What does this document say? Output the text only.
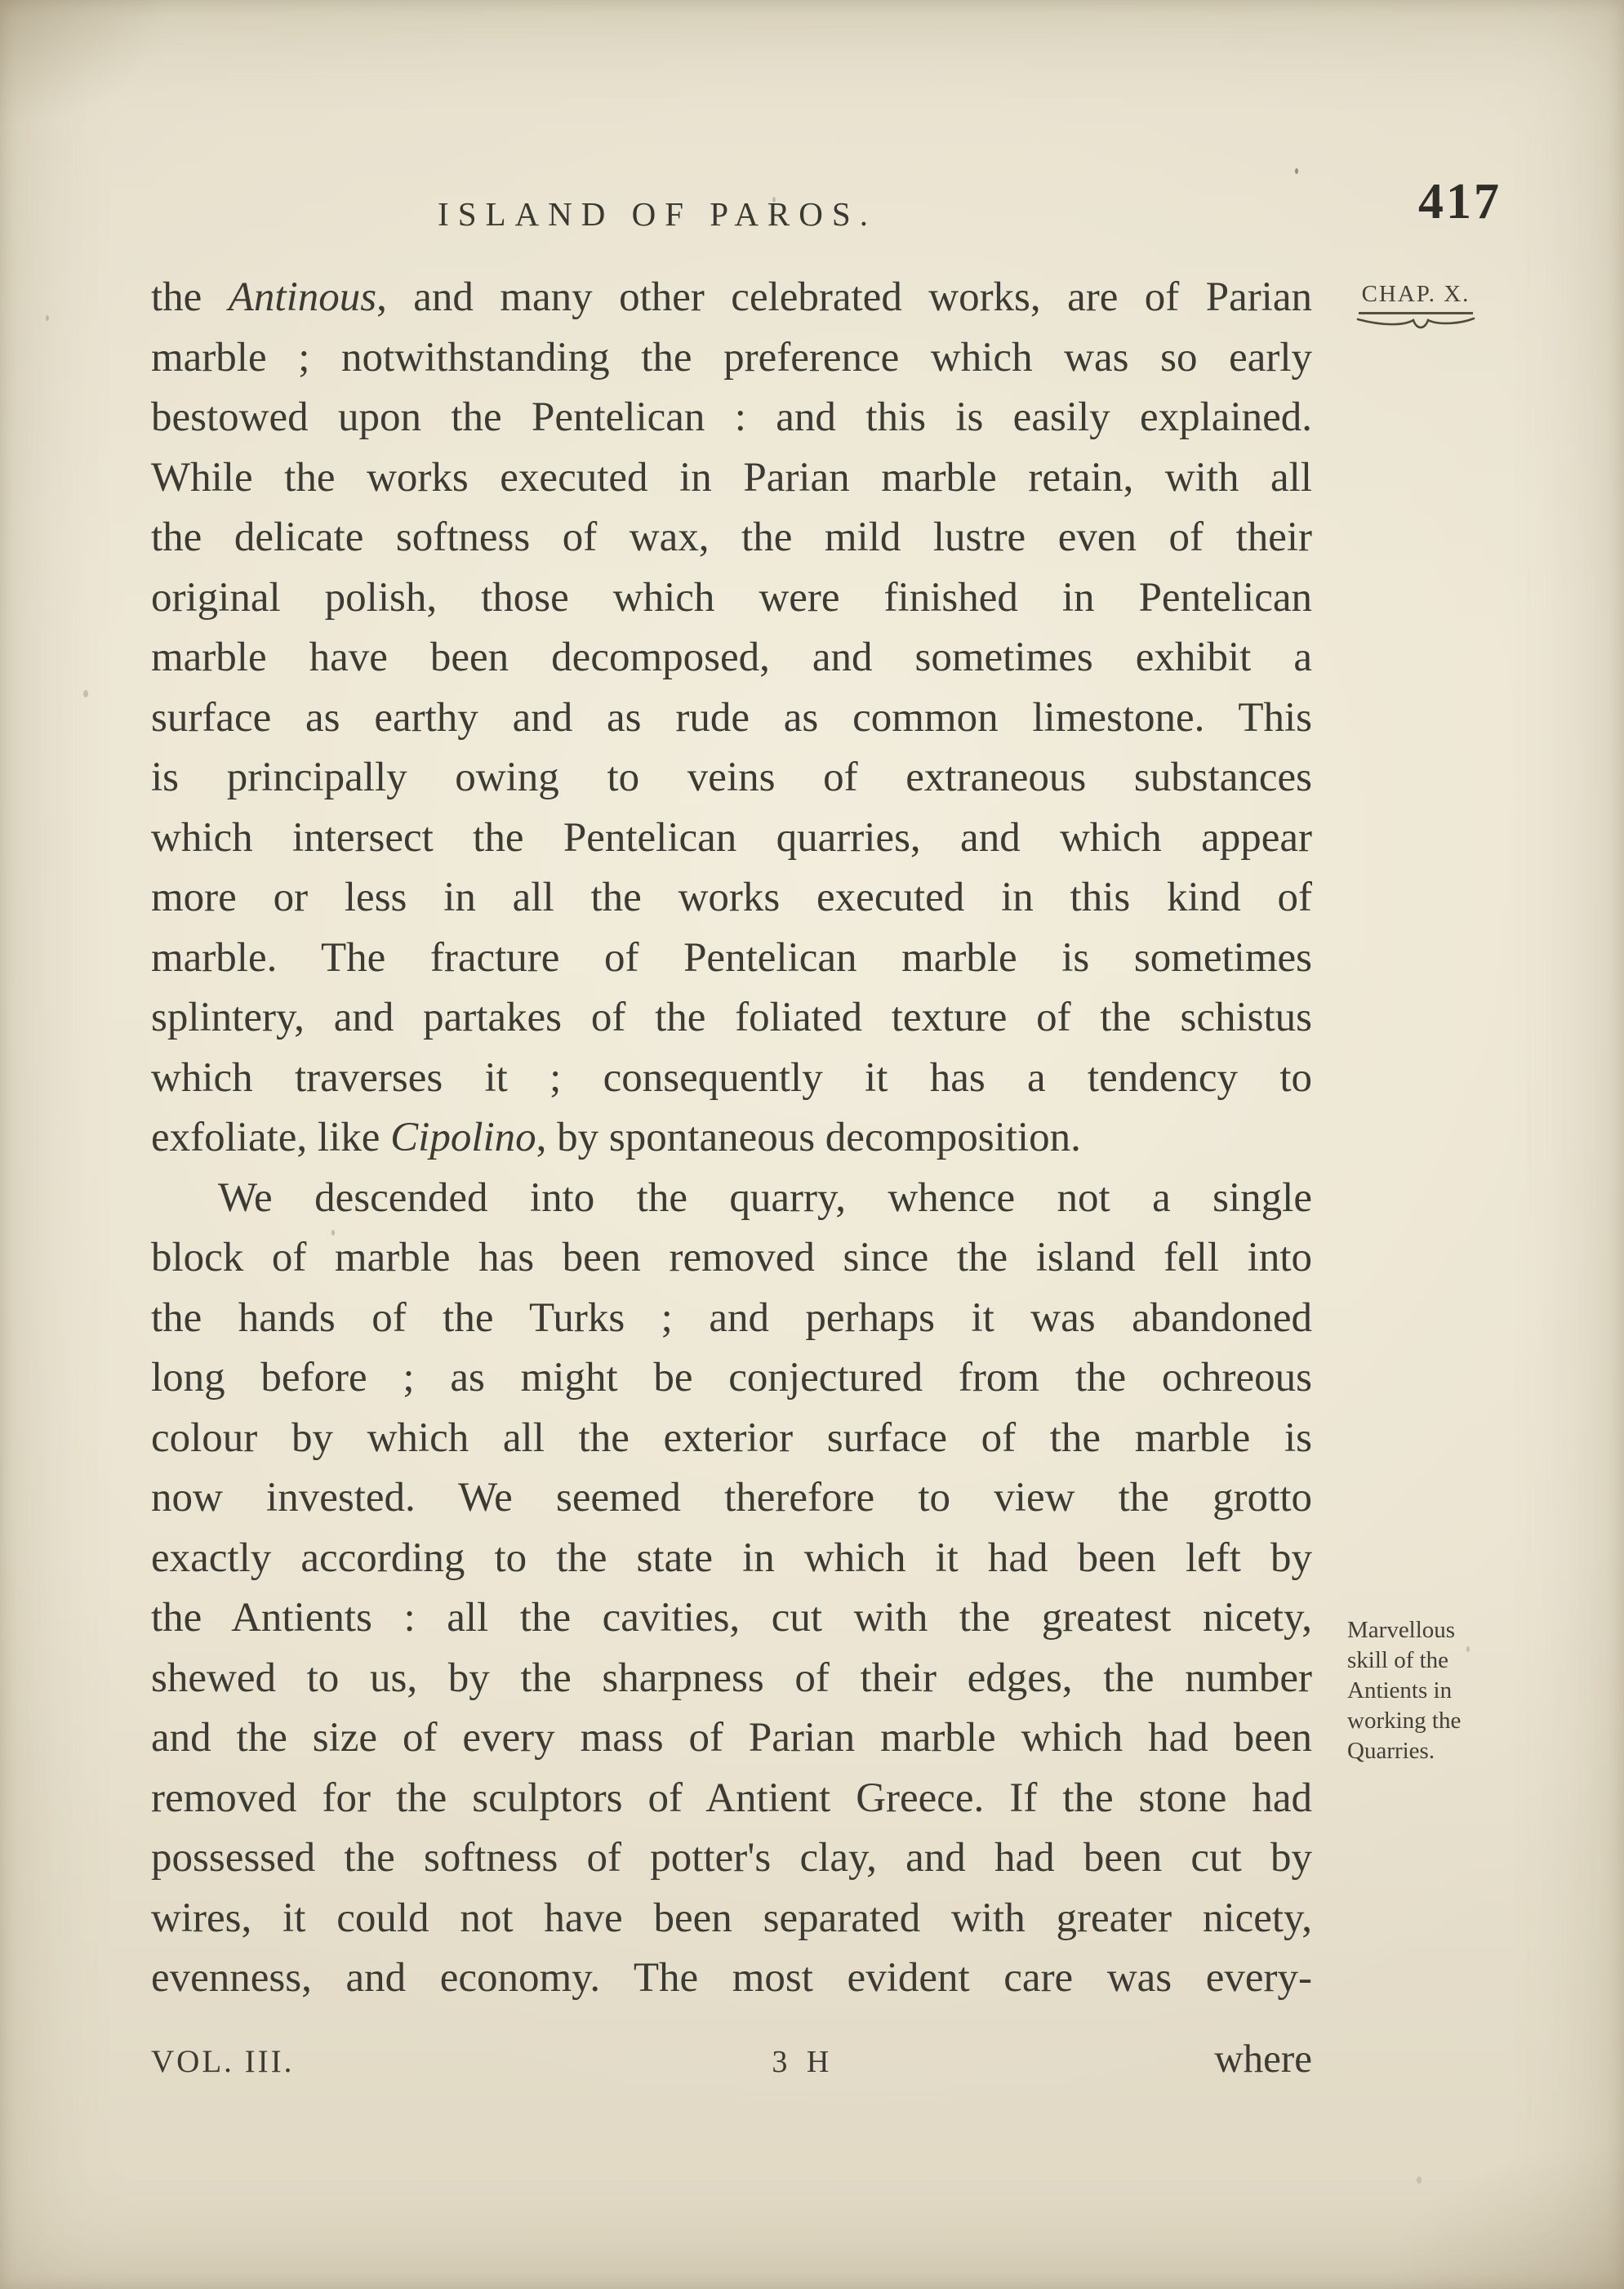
ISLAND OF PAROS.	417
CHAP. X.
the Antinous, and many other celebrated works, are of Parian
marble ; notwithstanding the preference which was so early
bestowed upon the Pentelican : and this is easily explained.
While the works executed in Parian marble retain, with all
the delicate softness of wax, the mild lustre even of their
original polish, those which were finished in Pentelican
marble have been decomposed, and sometimes exhibit a
surface as earthy and as rude as common limestone. This
is principally owing to veins of extraneous substances
which intersect the Pentelican quarries, and which appear
more or less in all the works executed in this kind of
marble. The fracture of Pentelican marble is sometimes
splintery, and partakes of the foliated texture of the schistus
which traverses it ; consequently it has a tendency to
exfoliate, like Cipolino, by spontaneous decomposition.
We descended into the quarry, whence not a single
block of marble has been removed since the island fell into
the hands of the Turks ; and perhaps it was abandoned
long before ; as might be conjectured from the ochreous
colour by which all the exterior surface of the marble is
now invested. We seemed therefore to view the grotto
exactly according to the state in which it had been left by
the Antients : all the cavities, cut with the greatest nicety,
shewed to us, by the sharpness of their edges, the number
and the size of every mass of Parian marble which had been
removed for the sculptors of Antient Greece. If the stone had
possessed the softness of potter's clay, and had been cut by
wires, it could not have been separated with greater nicety,
evenness, and economy. The most evident care was every-
Marvellous
skill of the
Antients in
working the
Quarries.
VOL. III.	3 H	where
